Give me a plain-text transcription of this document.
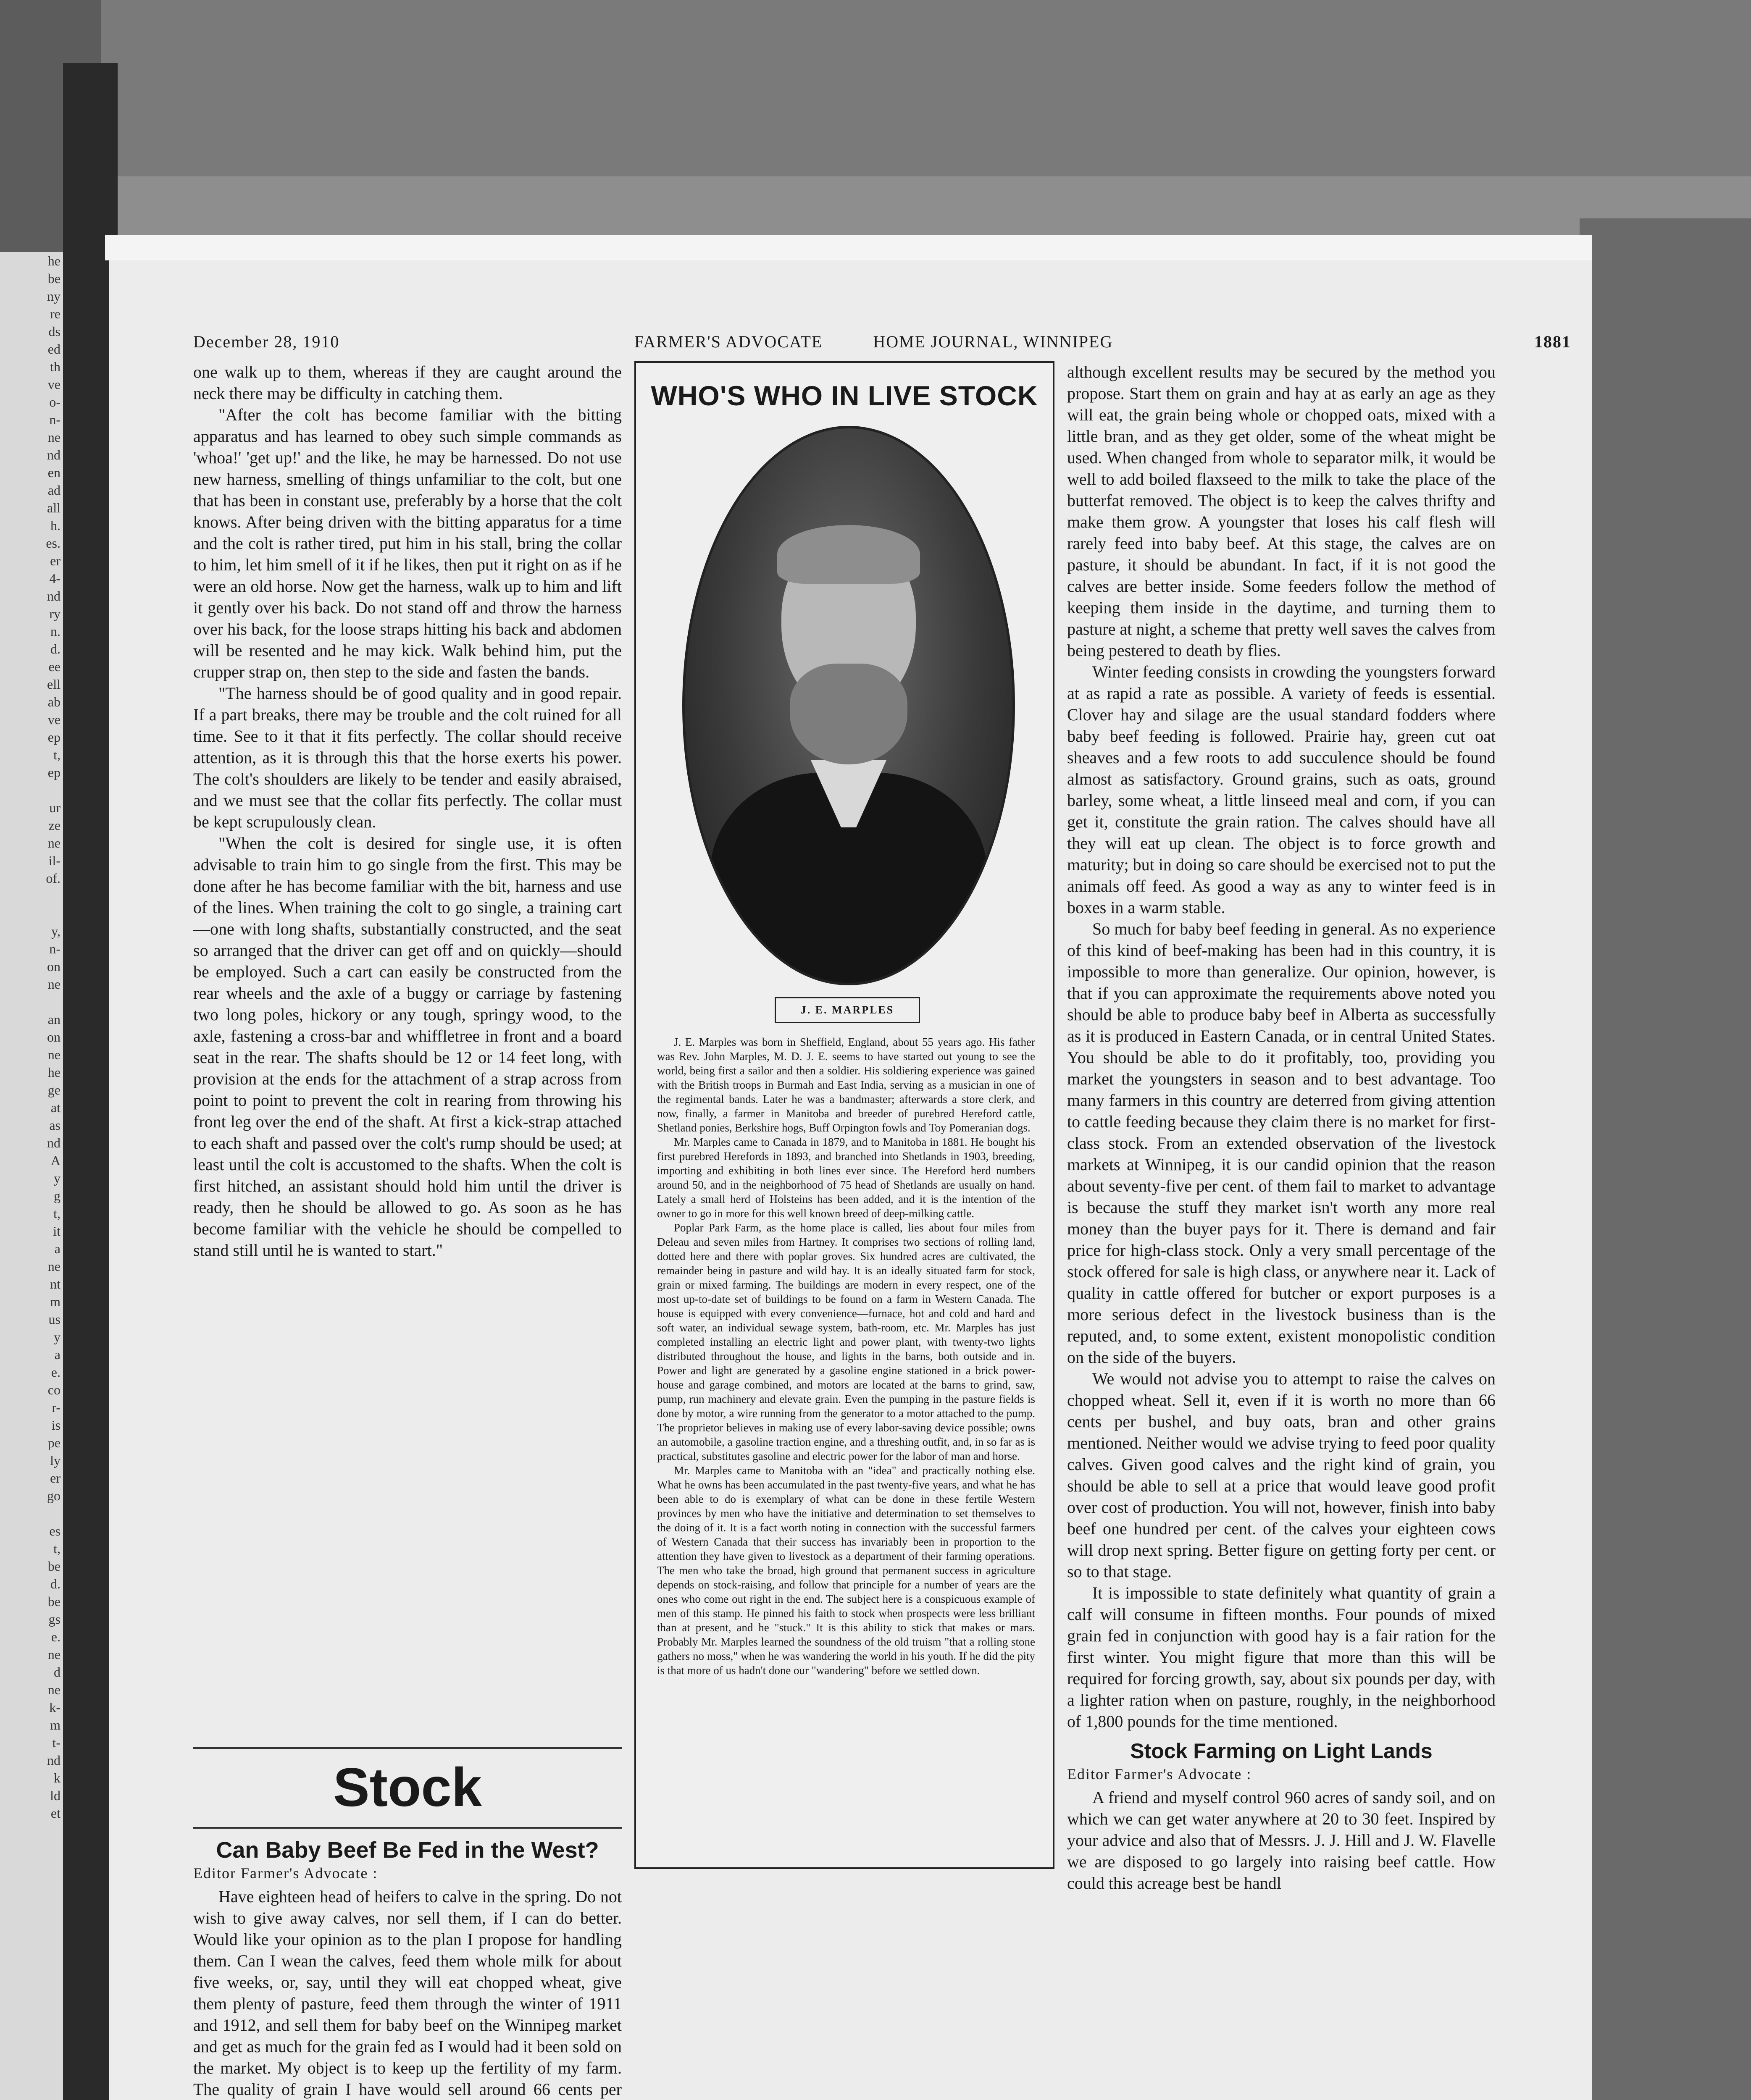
he
be
ny
re
ds
ed
th
ve
o-
n-
ne
nd
en
ad
all
h.
es.
er
4-
nd
ry
n.
d.
ee
ell
ab
ve
ep
t,
ep

ur
ze
ne
il-
of.

y,
n-
on
ne

an
on
ne
he
ge
at
as
nd
A
y
g
t,
it
a
ne
nt
m
us
y
a
e.
co
r-
is
pe
ly
er
go

es
t,
be
d.
be
gs
e.
ne
d
ne
k-
m
t-
nd
k
ld
et
December 28, 1910	FARMER'S ADVOCATE          HOME JOURNAL, WINNIPEG	1881

one walk up to them, whereas if they are caught around the neck there may be difficulty in catching them.

"After the colt has become familiar with the bitting apparatus and has learned to obey such simple commands as 'whoa!' 'get up!' and the like, he may be harnessed. Do not use new harness, smelling of things unfamiliar to the colt, but one that has been in constant use, preferably by a horse that the colt knows. After being driven with the bitting apparatus for a time and the colt is rather tired, put him in his stall, bring the collar to him, let him smell of it if he likes, then put it right on as if he were an old horse. Now get the harness, walk up to him and lift it gently over his back. Do not stand off and throw the harness over his back, for the loose straps hitting his back and abdomen will be resented and he may kick. Walk behind him, put the crupper strap on, then step to the side and fasten the bands.

"The harness should be of good quality and in good repair. If a part breaks, there may be trouble and the colt ruined for all time. See to it that it fits perfectly. The collar should receive attention, as it is through this that the horse exerts his power. The colt's shoulders are likely to be tender and easily abraised, and we must see that the collar fits perfectly. The collar must be kept scrupulously clean.

"When the colt is desired for single use, it is often advisable to train him to go single from the first. This may be done after he has become familiar with the bit, harness and use of the lines. When training the colt to go single, a training cart—one with long shafts, substantially constructed, and the seat so arranged that the driver can get off and on quickly—should be employed. Such a cart can easily be constructed from the rear wheels and the axle of a buggy or carriage by fastening two long poles, hickory or any tough, springy wood, to the axle, fastening a cross-bar and whiffletree in front and a board seat in the rear. The shafts should be 12 or 14 feet long, with provision at the ends for the attachment of a strap across from point to point to prevent the colt in rearing from throwing his front leg over the end of the shaft. At first a kick-strap attached to each shaft and passed over the colt's rump should be used; at least until the colt is accustomed to the shafts. When the colt is first hitched, an assistant should hold him until the driver is ready, then he should be allowed to go. As soon as he has become familiar with the vehicle he should be compelled to stand still until he is wanted to start."

Stock
Can Baby Beef Be Fed in the West?
Editor Farmer's Advocate :

Have eighteen head of heifers to calve in the spring. Do not wish to give away calves, nor sell them, if I can do better. Would like your opinion as to the plan I propose for handling them. Can I wean the calves, feed them whole milk for about five weeks, or, say, until they will eat chopped wheat, give them plenty of pasture, feed them through the winter of 1911 and 1912, and sell them for baby beef on the Winnipeg market and get as much for the grain fed as I would had it been sold on the market. My object is to keep up the fertility of my farm. The quality of grain I have would sell around 66 cents per

WHO'S WHO IN LIVE STOCK
J. E. MARPLES

J. E. Marples was born in Sheffield, England, about 55 years ago. His father was Rev. John Marples, M. D. J. E. seems to have started out young to see the world, being first a sailor and then a soldier. His soldiering experience was gained with the British troops in Burmah and East India, serving as a musician in one of the regimental bands. Later he was a bandmaster; afterwards a store clerk, and now, finally, a farmer in Manitoba and breeder of purebred Hereford cattle, Shetland ponies, Berkshire hogs, Buff Orpington fowls and Toy Pomeranian dogs.

Mr. Marples came to Canada in 1879, and to Manitoba in 1881. He bought his first purebred Herefords in 1893, and branched into Shetlands in 1903, breeding, importing and exhibiting in both lines ever since. The Hereford herd numbers around 50, and in the neighborhood of 75 head of Shetlands are usually on hand. Lately a small herd of Holsteins has been added, and it is the intention of the owner to go in more for this well known breed of deep-milking cattle.

Poplar Park Farm, as the home place is called, lies about four miles from Deleau and seven miles from Hartney. It comprises two sections of rolling land, dotted here and there with poplar groves. Six hundred acres are cultivated, the remainder being in pasture and wild hay. It is an ideally situated farm for stock, grain or mixed farming. The buildings are modern in every respect, one of the most up-to-date set of buildings to be found on a farm in Western Canada. The house is equipped with every convenience—furnace, hot and cold and hard and soft water, an individual sewage system, bath-room, etc. Mr. Marples has just completed installing an electric light and power plant, with twenty-two lights distributed throughout the house, and lights in the barns, both outside and in. Power and light are generated by a gasoline engine stationed in a brick power-house and garage combined, and motors are located at the barns to grind, saw, pump, run machinery and elevate grain. Even the pumping in the pasture fields is done by motor, a wire running from the generator to a motor attached to the pump. The proprietor believes in making use of every labor-saving device possible; owns an automobile, a gasoline traction engine, and a threshing outfit, and, in so far as is practical, substitutes gasoline and electric power for the labor of man and horse.

Mr. Marples came to Manitoba with an "idea" and practically nothing else. What he owns has been accumulated in the past twenty-five years, and what he has been able to do is exemplary of what can be done in these fertile Western provinces by men who have the initiative and determination to set themselves to the doing of it. It is a fact worth noting in connection with the successful farmers of Western Canada that their success has invariably been in proportion to the attention they have given to livestock as a department of their farming operations. The men who take the broad, high ground that permanent success in agriculture depends on stock-raising, and follow that principle for a number of years are the ones who come out right in the end. The subject here is a conspicuous example of men of this stamp. He pinned his faith to stock when prospects were less brilliant than at present, and he "stuck." It is this ability to stick that makes or mars. Probably Mr. Marples learned the soundness of the old truism "that a rolling stone gathers no moss," when he was wandering the world in his youth. If he did the pity is that more of us hadn't done our "wandering" before we settled down.

although excellent results may be secured by the method you propose. Start them on grain and hay at as early an age as they will eat, the grain being whole or chopped oats, mixed with a little bran, and as they get older, some of the wheat might be used. When changed from whole to separator milk, it would be well to add boiled flaxseed to the milk to take the place of the butterfat removed. The object is to keep the calves thrifty and make them grow. A youngster that loses his calf flesh will rarely feed into baby beef. At this stage, the calves are on pasture, it should be abundant. In fact, if it is not good the calves are better inside. Some feeders follow the method of keeping them inside in the daytime, and turning them to pasture at night, a scheme that pretty well saves the calves from being pestered to death by flies.

Winter feeding consists in crowding the youngsters forward at as rapid a rate as possible. A variety of feeds is essential. Clover hay and silage are the usual standard fodders where baby beef feeding is followed. Prairie hay, green cut oat sheaves and a few roots to add succulence should be found almost as satisfactory. Ground grains, such as oats, ground barley, some wheat, a little linseed meal and corn, if you can get it, constitute the grain ration. The calves should have all they will eat up clean. The object is to force growth and maturity; but in doing so care should be exercised not to put the animals off feed. As good a way as any to winter feed is in boxes in a warm stable.

So much for baby beef feeding in general. As no experience of this kind of beef-making has been had in this country, it is impossible to more than generalize. Our opinion, however, is that if you can approximate the requirements above noted you should be able to produce baby beef in Alberta as successfully as it is produced in Eastern Canada, or in central United States. You should be able to do it profitably, too, providing you market the youngsters in season and to best advantage. Too many farmers in this country are deterred from giving attention to cattle feeding because they claim there is no market for first-class stock. From an extended observation of the livestock markets at Winnipeg, it is our candid opinion that the reason about seventy-five per cent. of them fail to market to advantage is because the stuff they market isn't worth any more real money than the buyer pays for it. There is demand and fair price for high-class stock. Only a very small percentage of the stock offered for sale is high class, or anywhere near it. Lack of quality in cattle offered for butcher or export purposes is a more serious defect in the livestock business than is the reputed, and, to some extent, existent monopolistic condition on the side of the buyers.

We would not advise you to attempt to raise the calves on chopped wheat. Sell it, even if it is worth no more than 66 cents per bushel, and buy oats, bran and other grains mentioned. Neither would we advise trying to feed poor quality calves. Given good calves and the right kind of grain, you should be able to sell at a price that would leave good profit over cost of production. You will not, however, finish into baby beef one hundred per cent. of the calves your eighteen cows will drop next spring. Better figure on getting forty per cent. or so to that stage.

It is impossible to state definitely what quantity of grain a calf will consume in fifteen months. Four pounds of mixed grain fed in conjunction with good hay is a fair ration for the first winter. You might figure that more than this will be required for forcing growth, say, about six pounds per day, with a lighter ration when on pasture, roughly, in the neighborhood of 1,800 pounds for the time mentioned.

Stock Farming on Light Lands
Editor Farmer's Advocate :

A friend and myself control 960 acres of sandy soil, and on which we can get water anywhere at 20 to 30 feet. Inspired by your advice and also that of Messrs. J. J. Hill and J. W. Flavelle we are disposed to go largely into raising beef cattle. How could this acreage best be handl
